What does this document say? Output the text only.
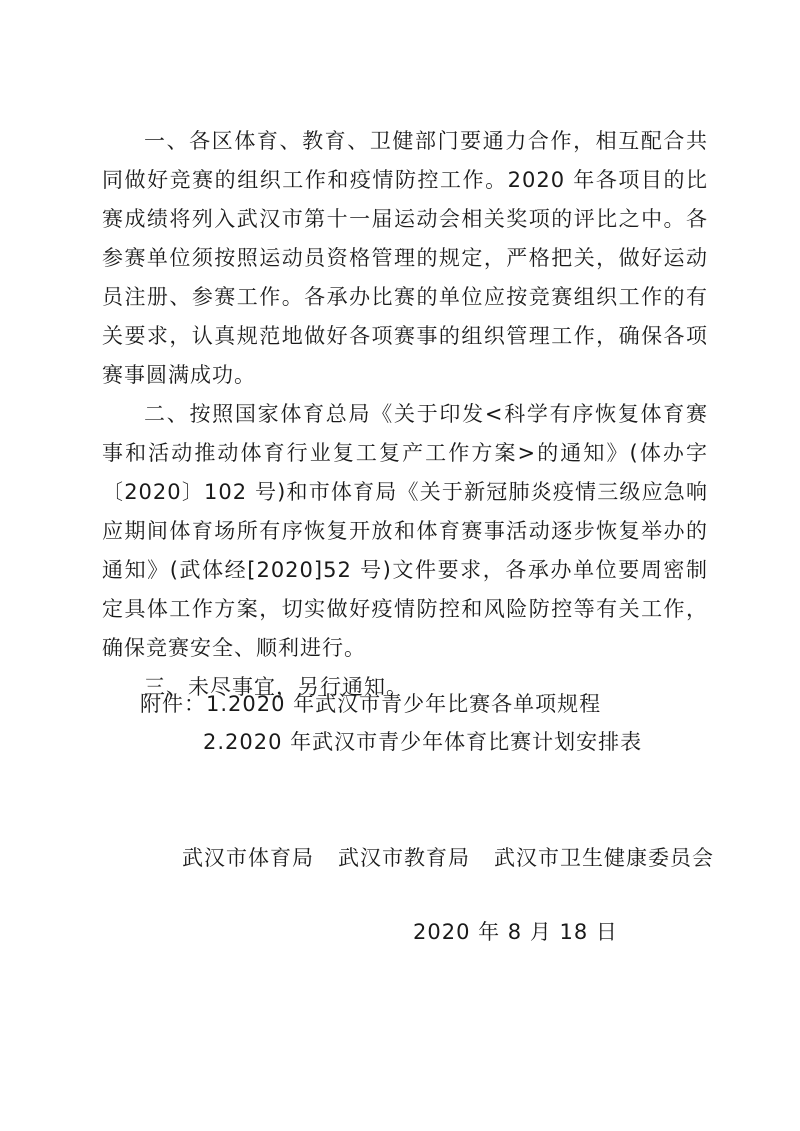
一、各区体育、教育、卫健部门要通力合作，相互配合共同做好竞赛的组织工作和疫情防控工作。2020 年各项目的比赛成绩将列入武汉市第十一届运动会相关奖项的评比之中。各参赛单位须按照运动员资格管理的规定，严格把关，做好运动员注册、参赛工作。各承办比赛的单位应按竞赛组织工作的有关要求，认真规范地做好各项赛事的组织管理工作，确保各项赛事圆满成功。

二、按照国家体育总局《关于印发<科学有序恢复体育赛事和活动推动体育行业复工复产工作方案>的通知》(体办字〔2020〕102 号)和市体育局《关于新冠肺炎疫情三级应急响应期间体育场所有序恢复开放和体育赛事活动逐步恢复举办的通知》(武体经[2020]52 号)文件要求，各承办单位要周密制定具体工作方案，切实做好疫情防控和风险防控等有关工作，确保竞赛安全、顺利进行。

三、未尽事宜，另行通知。

附件：1.2020 年武汉市青少年比赛各单项规程
2.2020 年武汉市青少年体育比赛计划安排表
武汉市体育局 武汉市教育局 武汉市卫生健康委员会
2020 年 8 月 18 日
